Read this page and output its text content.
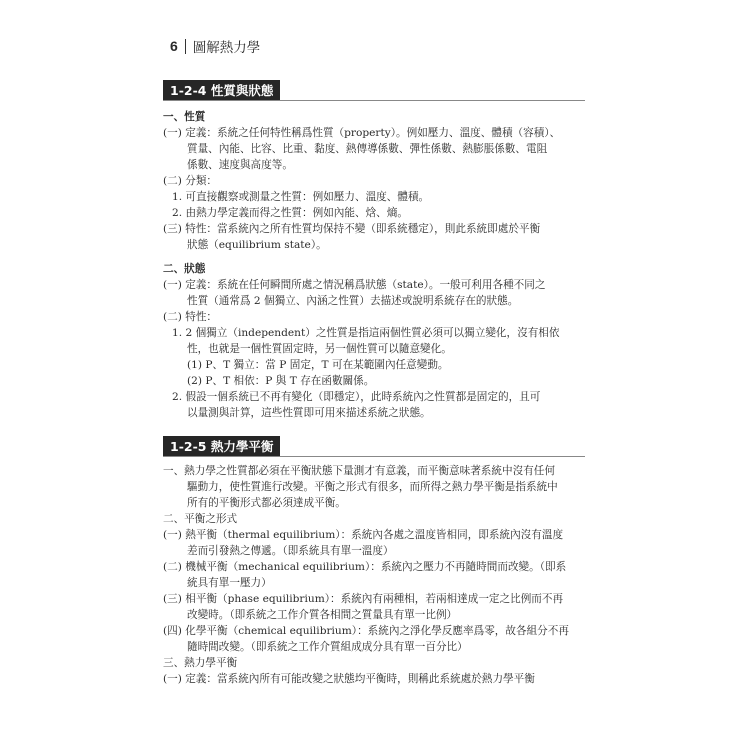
6 圖解熱力學
1-2-4 性質與狀態
一、性質
(一) 定義：系統之任何特性稱爲性質（property）。例如壓力、溫度、體積（容積）、
質量、內能、比容、比重、黏度、熱傳導係數、彈性係數、熱膨脹係數、電阻
係數、速度與高度等。
(二) 分類：
1. 可直接觀察或測量之性質：例如壓力、溫度、體積。
2. 由熱力學定義而得之性質：例如內能、焓、熵。
(三) 特性：當系統內之所有性質均保持不變（即系統穩定），則此系統即處於平衡
狀態（equilibrium state）。
二、狀態
(一) 定義：系統在任何瞬間所處之情況稱爲狀態（state）。一般可利用各種不同之
性質（通常爲 2 個獨立、內涵之性質）去描述或說明系統存在的狀態。
(二) 特性：
1. 2 個獨立（independent）之性質是指這兩個性質必須可以獨立變化，沒有相依
性，也就是一個性質固定時，另一個性質可以隨意變化。
(1) P、T 獨立：當 P 固定，T 可在某範圍內任意變動。
(2) P、T 相依：P 與 T 存在函數關係。
2. 假設一個系統已不再有變化（即穩定），此時系統內之性質都是固定的，且可
以量測與計算，這些性質即可用來描述系統之狀態。
1-2-5 熱力學平衡
一、熱力學之性質都必須在平衡狀態下量測才有意義，而平衡意味著系統中沒有任何
驅動力，使性質進行改變。平衡之形式有很多，而所得之熱力學平衡是指系統中
所有的平衡形式都必須達成平衡。
二、平衡之形式
(一) 熱平衡（thermal equilibrium）：系統內各處之溫度皆相同，即系統內沒有溫度
差而引發熱之傳遞。（即系統具有單一溫度）
(二) 機械平衡（mechanical equilibrium）：系統內之壓力不再隨時間而改變。（即系
統具有單一壓力）
(三) 相平衡（phase equilibrium）：系統內有兩種相，若兩相達成一定之比例而不再
改變時。（即系統之工作介質各相間之質量具有單一比例）
(四) 化學平衡（chemical equilibrium）：系統內之淨化學反應率爲零，故各組分不再
隨時間改變。（即系統之工作介質組成成分具有單一百分比）
三、熱力學平衡
(一) 定義：當系統內所有可能改變之狀態均平衡時，則稱此系統處於熱力學平衡
